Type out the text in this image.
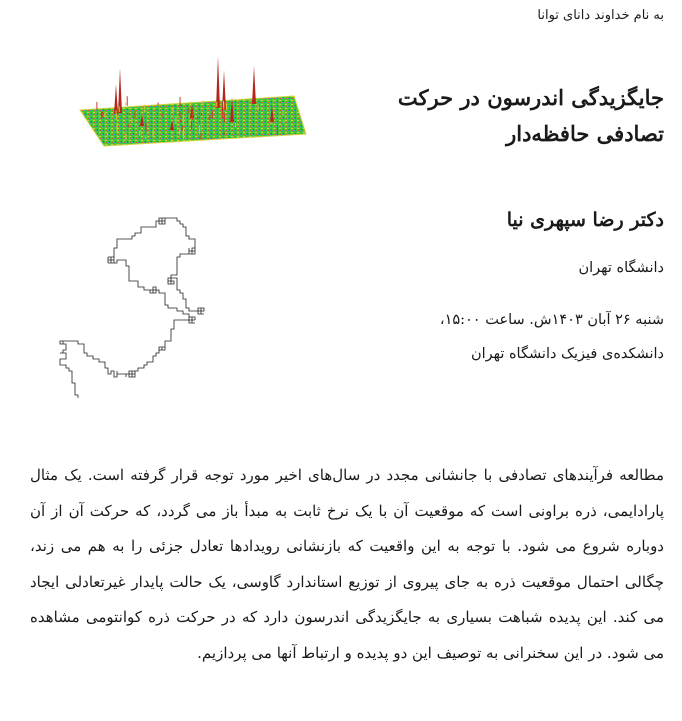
به نام خداوند دانای توانا
جایگزیدگی اندرسون در حرکت
تصادفی حافظه‌دار
دکتر رضا سپهری نیا
دانشگاه تهران
شنبه ۲۶ آبان ۱۴۰۳ش. ساعت ۱۵:۰۰،
دانشکده‌ی فیزیک دانشگاه تهران

مطالعه فرآیندهای تصادفی با جانشانی مجدد در سال‌های اخیر مورد توجه قرار گرفته است. یک مثال پارادایمی، ذره براونی است که موقعیت آن با یک نرخ ثابت به مبدأ باز می گردد، که حرکت آن از آن دوباره شروع می شود. با توجه به این واقعیت که بازنشانی رویدادها تعادل جزئی را به هم می زند، چگالی احتمال موقعیت ذره به جای پیروی از توزیع استاندارد گاوسی، یک حالت پایدار غیرتعادلی ایجاد می کند. این پدیده شباهت بسیاری به جایگزیدگی اندرسون دارد که در حرکت ذره کوانتومی مشاهده می شود. در این سخنرانی به توصیف این دو پدیده و ارتباط آنها می پردازیم.
